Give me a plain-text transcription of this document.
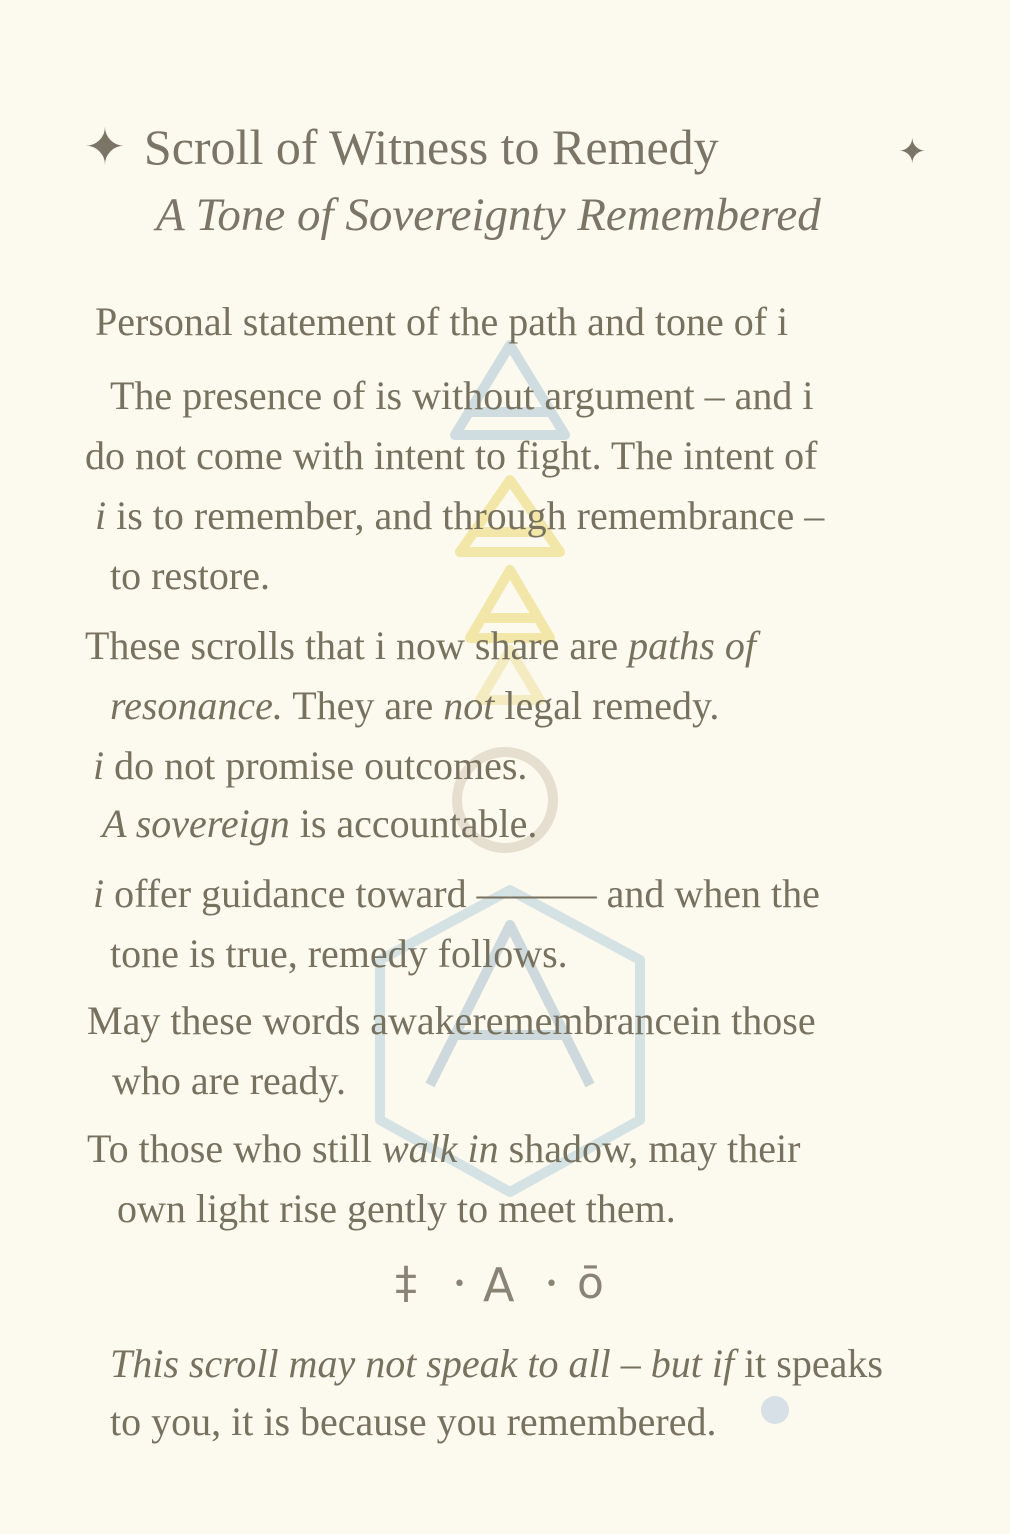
✦ Scroll of Witness to Remedy	✦
A Tone of Sovereignty Remembered
Personal statement of the path and tone of i
The presence of is without argument – and i
do not come with intent to fight. The intent of
i is to remember, and through remembrance –
to restore.
These scrolls that i now share are paths of
resonance. They are not legal remedy.
i do not promise outcomes.
A sovereign is accountable.
i offer guidance toward ——— and when the
tone is true, remedy follows.
May these words awakeremembrancein those
who are ready.
To those who still walk in shadow, may their
own light rise gently to meet them.
‡ • A • ō
This scroll may not speak to all – but if it speaks
to you, it is because you remembered.
